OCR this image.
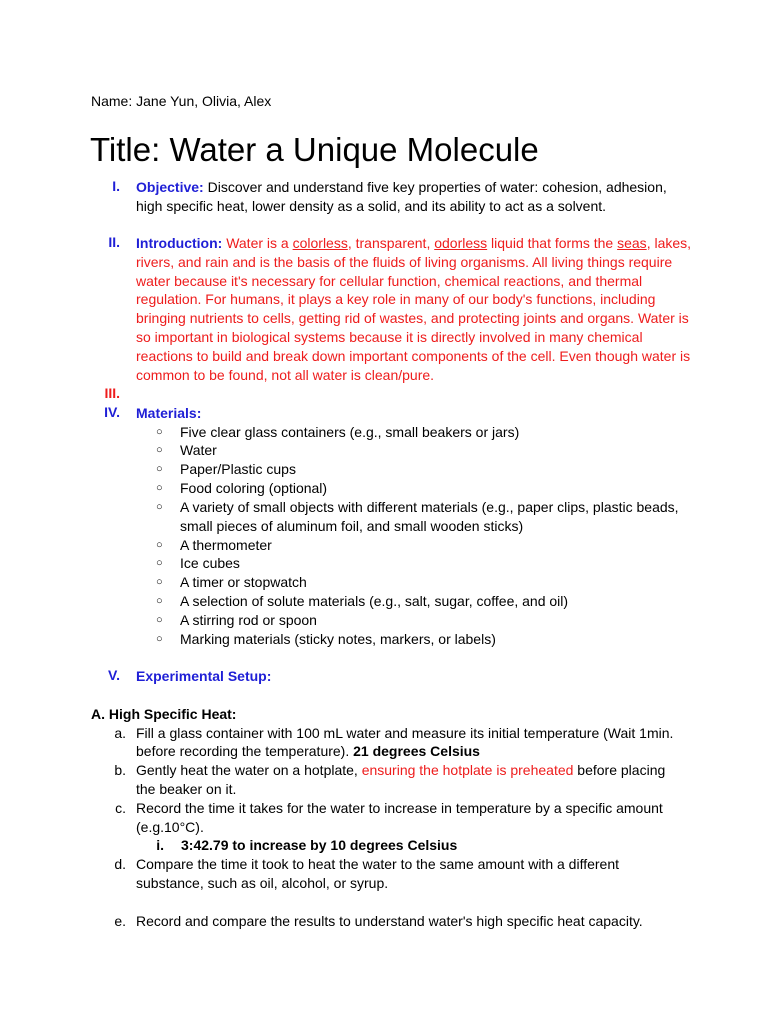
Name: Jane Yun, Olivia, Alex
Title: Water a Unique Molecule
I. Objective: Discover and understand five key properties of water: cohesion, adhesion, high specific heat, lower density as a solid, and its ability to act as a solvent.
II. Introduction: Water is a colorless, transparent, odorless liquid that forms the seas, lakes, rivers, and rain and is the basis of the fluids of living organisms. All living things require water because it's necessary for cellular function, chemical reactions, and thermal regulation. For humans, it plays a key role in many of our body's functions, including bringing nutrients to cells, getting rid of wastes, and protecting joints and organs. Water is so important in biological systems because it is directly involved in many chemical reactions to build and break down important components of the cell. Even though water is common to be found, not all water is clean/pure.
III.
IV. Materials:
○ Five clear glass containers (e.g., small beakers or jars)
○ Water
○ Paper/Plastic cups
○ Food coloring (optional)
○ A variety of small objects with different materials (e.g., paper clips, plastic beads,
small pieces of aluminum foil, and small wooden sticks)
○ A thermometer
○ Ice cubes
○ A timer or stopwatch
○ A selection of solute materials (e.g., salt, sugar, coffee, and oil)
○ A stirring rod or spoon
○ Marking materials (sticky notes, markers, or labels)
V. Experimental Setup:
A. High Specific Heat:
a. Fill a glass container with 100 mL water and measure its initial temperature (Wait 1min.
before recording the temperature). 21 degrees Celsius
b. Gently heat the water on a hotplate, ensuring the hotplate is preheated before placing
the beaker on it.
c. Record the time it takes for the water to increase in temperature by a specific amount
(e.g.10°C).
i. 3:42.79 to increase by 10 degrees Celsius
d. Compare the time it took to heat the water to the same amount with a different
substance, such as oil, alcohol, or syrup.
e. Record and compare the results to understand water's high specific heat capacity.
